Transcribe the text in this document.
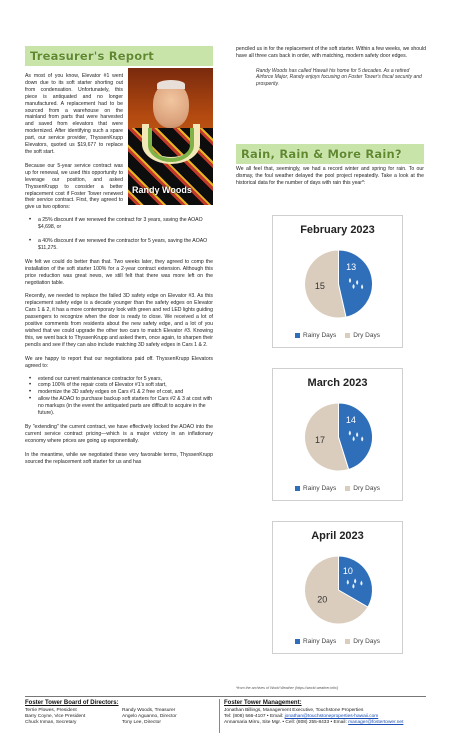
Treasurer's Report
Randy Woods

As most of you know, Elevator #1 went down due to its soft starter shorting out from condensation. Unfortunately, this piece is antiquated and no longer manufactured. A replacement had to be sourced from a warehouse on the mainland from parts that were harvested and saved from elevators that were modernized. After identifying such a spare part, our service provider, ThyssenKrupp Elevators, quoted us $19,677 to replace the soft start.

Because our 5-year service contract was up for renewal, we used this opportunity to leverage our position, and asked ThyssenKrupp to consider a better replacement cost if Foster Tower renewed their service contract. First, they agreed to give us two options:

• a 25% discount if we renewed the contract for 3 years, saving the AOAO $4,698, or
• a 40% discount if we renewed the contractor for 5 years, saving the AOAO $11,275.

We felt we could do better than that. Two weeks later, they agreed to comp the installation of the soft starter 100% for a 2-year contract extension. Although this price reduction was great news, we still felt that there was more left on the negotiation table.

Recently, we needed to replace the failed 3D safety edge on Elevator #3. As this replacement safety edge is a decade younger than the safety edges on Elevator Cars 1 & 2, it has a more contemporary look with green and red LED lights guiding passengers to recognize when the door is ready to close. We received a lot of positive comments from residents about the new safety edge, and a lot of you wished that we could upgrade the other two cars to match Elevator #3. Knowing this, we went back to ThyssenKrupp and asked them, once again, to sharpen their pencils and see if they can also include matching 3D safety edges in Cars 1 & 2.

We are happy to report that our negotiations paid off. ThyssenKrupp Elevators agreed to:

• extend our current maintenance contractor for 5 years,
• comp 100% of the repair costs of Elevator #1's soft start,
• modernize the 3D safety edges on Cars #1 & 2 free of cost, and
• allow the AOAO to purchase backup soft starters for Cars #2 & 3 at cost with no markups (in the event the antiquated parts are difficult to acquire in the future).

By "extending" the current contract, we have effectively locked the AOAO into the current service contract pricing—which is a major victory in an inflationary economy where prices are going up exponentially.

In the meantime, while we negotiated these very favorable terms, ThyssenKrupp sourced the replacement soft starter for us and has

penciled us in for the replacement of the soft starter. Within a few weeks, we should have all three cars back in order, with matching, modern safety door edges.

Randy Woods has called Hawaii his home for 5 decades. As a retired Airforce Major, Randy enjoys focusing on Foster Tower's fiscal security and prosperity.

Rain, Rain & More Rain?

We all feel that, seemingly, we had a record winter and spring for rain. To our dismay, the foul weather delayed the pool project repeatedly. Take a look at the historical data for the number of days with rain this year*:

February 2023
13
15
Rainy Days	Dry Days
March 2023
14
17
Rainy Days	Dry Days
April 2023
10
20
Rainy Days	Dry Days
*from the archives of World Weather (https://world-weather.info/)
Foster Tower Board of Directors:
Terrie Plowes, President	Randy Woods, Treasurer
Barry Coyne, Vice President	Angelo Aguanno, Director
Chuck Inman, Secretary	Tony Lee, Director
Foster Tower Management:
Jonathan Billings, Management Executive, Touchstone Properties
Tel: (808) 566-4107 • Email: jonathan@touchstoneproperties-hawaii.com
Annamaria Mirru, Site Mgr. • Cell: (808) 255-8433 • Email: manager@fostertower.net
